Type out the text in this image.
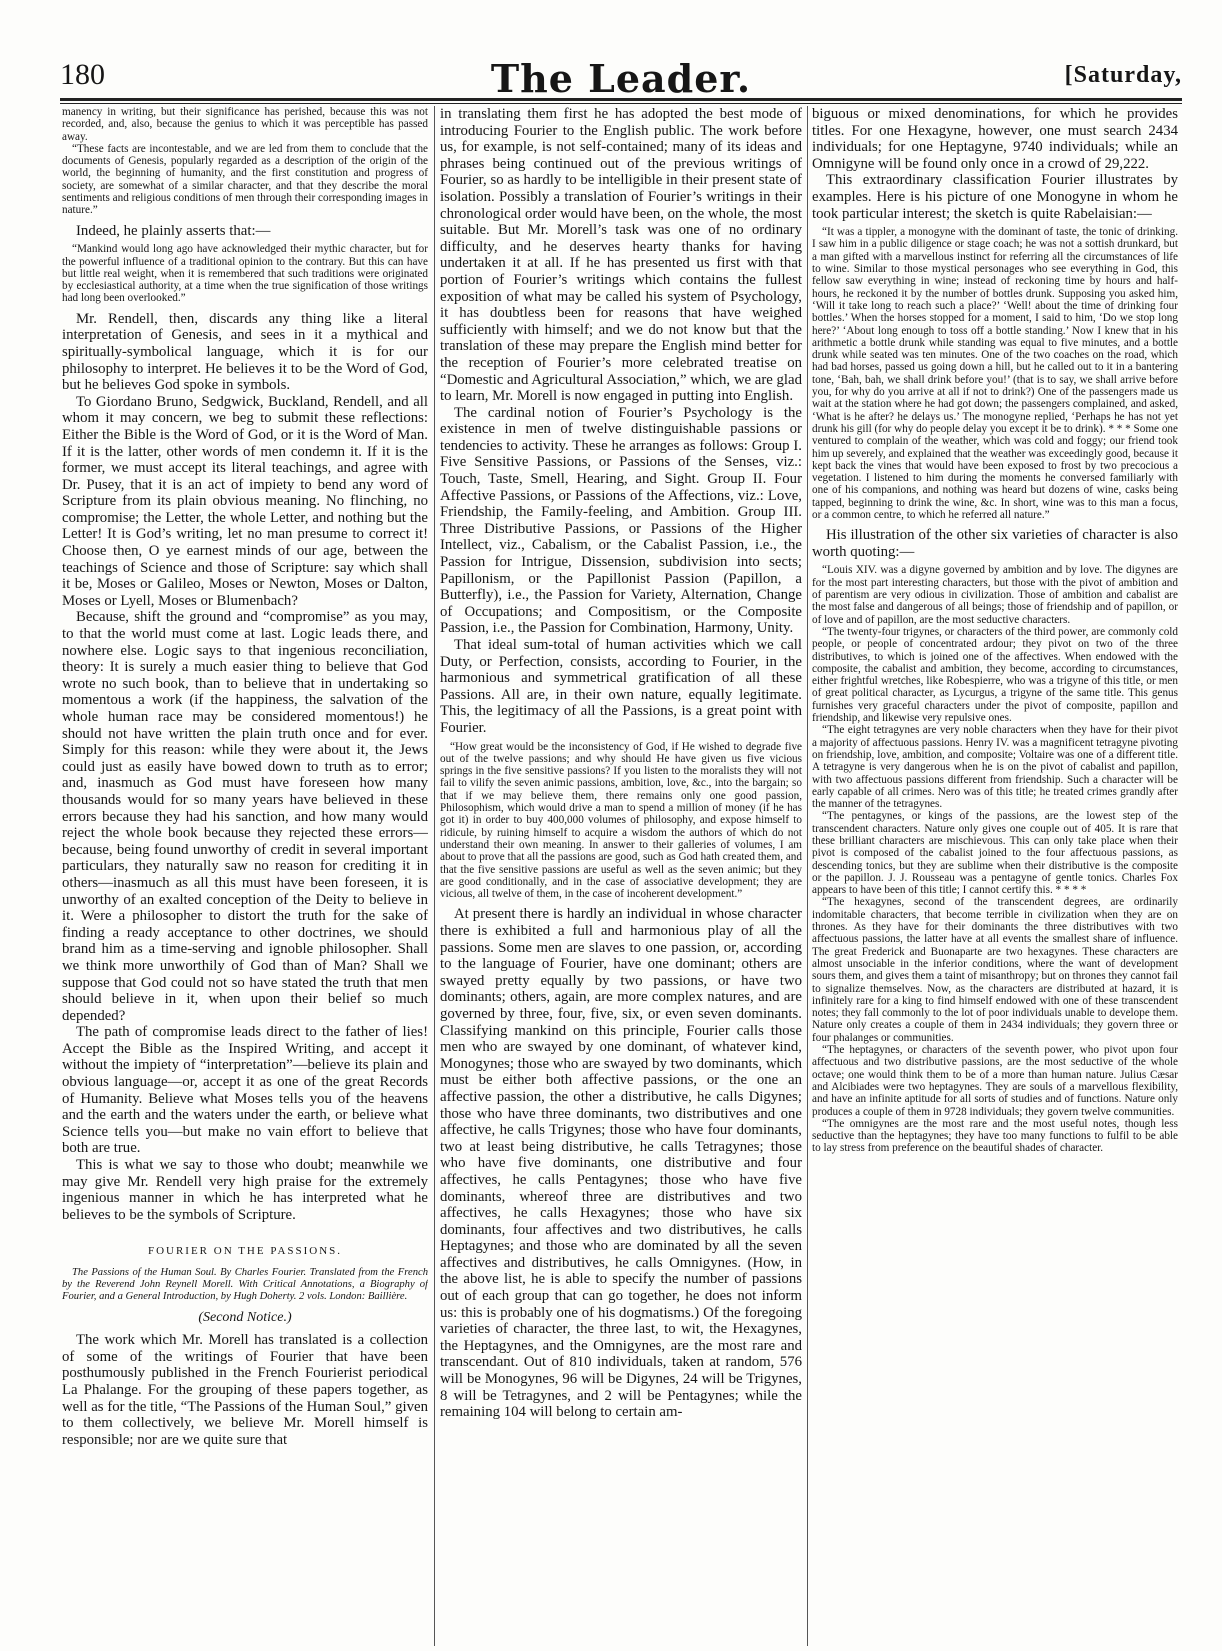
180	The Leader.	[Saturday,

manency in writing, but their significance has perished, because this was not recorded, and, also, because the genius to which it was perceptible has passed away.

“These facts are incontestable, and we are led from them to conclude that the documents of Genesis, popularly regarded as a description of the origin of the world, the beginning of humanity, and the first constitution and progress of society, are somewhat of a similar character, and that they describe the moral sentiments and religious conditions of men through their corresponding images in nature.”

Indeed, he plainly asserts that:—

“Mankind would long ago have acknowledged their mythic character, but for the powerful influence of a traditional opinion to the contrary. But this can have but little real weight, when it is remembered that such traditions were originated by ecclesiastical authority, at a time when the true signification of those writings had long been overlooked.”

Mr. Rendell, then, discards any thing like a literal interpretation of Genesis, and sees in it a mythical and spiritually-symbolical language, which it is for our philosophy to interpret. He believes it to be the Word of God, but he believes God spoke in symbols.

To Giordano Bruno, Sedgwick, Buckland, Rendell, and all whom it may concern, we beg to submit these reflections: Either the Bible is the Word of God, or it is the Word of Man. If it is the latter, other words of men condemn it. If it is the former, we must accept its literal teachings, and agree with Dr. Pusey, that it is an act of impiety to bend any word of Scripture from its plain obvious meaning. No flinching, no compromise; the Letter, the whole Letter, and nothing but the Letter! It is God’s writing, let no man presume to correct it! Choose then, O ye earnest minds of our age, between the teachings of Science and those of Scripture: say which shall it be, Moses or Galileo, Moses or Newton, Moses or Dalton, Moses or Lyell, Moses or Blumenbach?

Because, shift the ground and “compromise” as you may, to that the world must come at last. Logic leads there, and nowhere else. Logic says to that ingenious reconciliation, theory: It is surely a much easier thing to believe that God wrote no such book, than to believe that in undertaking so momentous a work (if the happiness, the salvation of the whole human race may be considered momentous!) he should not have written the plain truth once and for ever. Simply for this reason: while they were about it, the Jews could just as easily have bowed down to truth as to error; and, inasmuch as God must have foreseen how many thousands would for so many years have believed in these errors because they had his sanction, and how many would reject the whole book because they rejected these errors—because, being found unworthy of credit in several important particulars, they naturally saw no reason for crediting it in others—inasmuch as all this must have been foreseen, it is unworthy of an exalted conception of the Deity to believe in it. Were a philosopher to distort the truth for the sake of finding a ready acceptance to other doctrines, we should brand him as a time-serving and ignoble philosopher. Shall we think more unworthily of God than of Man? Shall we suppose that God could not so have stated the truth that men should believe in it, when upon their belief so much depended?

The path of compromise leads direct to the father of lies! Accept the Bible as the Inspired Writing, and accept it without the impiety of “interpretation”—believe its plain and obvious language—or, accept it as one of the great Records of Humanity. Believe what Moses tells you of the heavens and the earth and the waters under the earth, or believe what Science tells you—but make no vain effort to believe that both are true.

This is what we say to those who doubt; meanwhile we may give Mr. Rendell very high praise for the extremely ingenious manner in which he has interpreted what he believes to be the symbols of Scripture.

FOURIER ON THE PASSIONS.

The Passions of the Human Soul. By Charles Fourier. Translated from the French by the Reverend John Reynell Morell. With Critical Annotations, a Biography of Fourier, and a General Introduction, by Hugh Doherty. 2 vols. London: Baillière.

(Second Notice.)

The work which Mr. Morell has translated is a collection of some of the writings of Fourier that have been posthumously published in the French Fourierist periodical La Phalange. For the grouping of these papers together, as well as for the title, “The Passions of the Human Soul,” given to them collectively, we believe Mr. Morell himself is responsible; nor are we quite sure that

in translating them first he has adopted the best mode of introducing Fourier to the English public. The work before us, for example, is not self-contained; many of its ideas and phrases being continued out of the previous writings of Fourier, so as hardly to be intelligible in their present state of isolation. Possibly a translation of Fourier’s writings in their chronological order would have been, on the whole, the most suitable. But Mr. Morell’s task was one of no ordinary difficulty, and he deserves hearty thanks for having undertaken it at all. If he has presented us first with that portion of Fourier’s writings which contains the fullest exposition of what may be called his system of Psychology, it has doubtless been for reasons that have weighed sufficiently with himself; and we do not know but that the translation of these may prepare the English mind better for the reception of Fourier’s more celebrated treatise on “Domestic and Agricultural Association,” which, we are glad to learn, Mr. Morell is now engaged in putting into English.

The cardinal notion of Fourier’s Psychology is the existence in men of twelve distinguishable passions or tendencies to activity. These he arranges as follows: Group I. Five Sensitive Passions, or Passions of the Senses, viz.: Touch, Taste, Smell, Hearing, and Sight. Group II. Four Affective Passions, or Passions of the Affections, viz.: Love, Friendship, the Family-feeling, and Ambition. Group III. Three Distributive Passions, or Passions of the Higher Intellect, viz., Cabalism, or the Cabalist Passion, i.e., the Passion for Intrigue, Dissension, subdivision into sects; Papillonism, or the Papillonist Passion (Papillon, a Butterfly), i.e., the Passion for Variety, Alternation, Change of Occupations; and Compositism, or the Composite Passion, i.e., the Passion for Combination, Harmony, Unity.

That ideal sum-total of human activities which we call Duty, or Perfection, consists, according to Fourier, in the harmonious and symmetrical gratification of all these Passions. All are, in their own nature, equally legitimate. This, the legitimacy of all the Passions, is a great point with Fourier.

“How great would be the inconsistency of God, if He wished to degrade five out of the twelve passions; and why should He have given us five vicious springs in the five sensitive passions? If you listen to the moralists they will not fail to vilify the seven animic passions, ambition, love, &c., into the bargain; so that if we may believe them, there remains only one good passion, Philosophism, which would drive a man to spend a million of money (if he has got it) in order to buy 400,000 volumes of philosophy, and expose himself to ridicule, by ruining himself to acquire a wisdom the authors of which do not understand their own meaning. In answer to their galleries of volumes, I am about to prove that all the passions are good, such as God hath created them, and that the five sensitive passions are useful as well as the seven animic; but they are good conditionally, and in the case of associative development; they are vicious, all twelve of them, in the case of incoherent development.”

At present there is hardly an individual in whose character there is exhibited a full and harmonious play of all the passions. Some men are slaves to one passion, or, according to the language of Fourier, have one dominant; others are swayed pretty equally by two passions, or have two dominants; others, again, are more complex natures, and are governed by three, four, five, six, or even seven dominants. Classifying mankind on this principle, Fourier calls those men who are swayed by one dominant, of whatever kind, Monogynes; those who are swayed by two dominants, which must be either both affective passions, or the one an affective passion, the other a distributive, he calls Digynes; those who have three dominants, two distributives and one affective, he calls Trigynes; those who have four dominants, two at least being distributive, he calls Tetragynes; those who have five dominants, one distributive and four affectives, he calls Pentagynes; those who have five dominants, whereof three are distributives and two affectives, he calls Hexagynes; those who have six dominants, four affectives and two distributives, he calls Heptagynes; and those who are dominated by all the seven affectives and distributives, he calls Omnigynes. (How, in the above list, he is able to specify the number of passions out of each group that can go together, he does not inform us: this is probably one of his dogmatisms.) Of the foregoing varieties of character, the three last, to wit, the Hexagynes, the Heptagynes, and the Omnigynes, are the most rare and transcendant. Out of 810 individuals, taken at random, 576 will be Monogynes, 96 will be Digynes, 24 will be Trigynes, 8 will be Tetragynes, and 2 will be Pentagynes; while the remaining 104 will belong to certain am-

biguous or mixed denominations, for which he provides titles. For one Hexagyne, however, one must search 2434 individuals; for one Heptagyne, 9740 individuals; while an Omnigyne will be found only once in a crowd of 29,222.

This extraordinary classification Fourier illustrates by examples. Here is his picture of one Monogyne in whom he took particular interest; the sketch is quite Rabelaisian:—

“It was a tippler, a monogyne with the dominant of taste, the tonic of drinking. I saw him in a public diligence or stage coach; he was not a sottish drunkard, but a man gifted with a marvellous instinct for referring all the circumstances of life to wine. Similar to those mystical personages who see everything in God, this fellow saw everything in wine; instead of reckoning time by hours and half-hours, he reckoned it by the number of bottles drunk. Supposing you asked him, ‘Will it take long to reach such a place?’ ‘Well! about the time of drinking four bottles.’ When the horses stopped for a moment, I said to him, ‘Do we stop long here?’ ‘About long enough to toss off a bottle standing.’ Now I knew that in his arithmetic a bottle drunk while standing was equal to five minutes, and a bottle drunk while seated was ten minutes. One of the two coaches on the road, which had bad horses, passed us going down a hill, but he called out to it in a bantering tone, ‘Bah, bah, we shall drink before you!’ (that is to say, we shall arrive before you, for why do you arrive at all if not to drink?) One of the passengers made us wait at the station where he had got down; the passengers complained, and asked, ‘What is he after? he delays us.’ The monogyne replied, ‘Perhaps he has not yet drunk his gill (for why do people delay you except it be to drink). * * * Some one ventured to complain of the weather, which was cold and foggy; our friend took him up severely, and explained that the weather was exceedingly good, because it kept back the vines that would have been exposed to frost by two precocious a vegetation. I listened to him during the moments he conversed familiarly with one of his companions, and nothing was heard but dozens of wine, casks being tapped, beginning to drink the wine, &c. In short, wine was to this man a focus, or a common centre, to which he referred all nature.”

His illustration of the other six varieties of character is also worth quoting:—

“Louis XIV. was a digyne governed by ambition and by love. The digynes are for the most part interesting characters, but those with the pivot of ambition and of parentism are very odious in civilization. Those of ambition and cabalist are the most false and dangerous of all beings; those of friendship and of papillon, or of love and of papillon, are the most seductive characters.

“The twenty-four trigynes, or characters of the third power, are commonly cold people, or people of concentrated ardour; they pivot on two of the three distributives, to which is joined one of the affectives. When endowed with the composite, the cabalist and ambition, they become, according to circumstances, either frightful wretches, like Robespierre, who was a trigyne of this title, or men of great political character, as Lycurgus, a trigyne of the same title. This genus furnishes very graceful characters under the pivot of composite, papillon and friendship, and likewise very repulsive ones.

“The eight tetragynes are very noble characters when they have for their pivot a majority of affectuous passions. Henry IV. was a magnificent tetragyne pivoting on friendship, love, ambition, and composite; Voltaire was one of a different title. A tetragyne is very dangerous when he is on the pivot of cabalist and papillon, with two affectuous passions different from friendship. Such a character will be early capable of all crimes. Nero was of this title; he treated crimes grandly after the manner of the tetragynes.

“The pentagynes, or kings of the passions, are the lowest step of the transcendent characters. Nature only gives one couple out of 405. It is rare that these brilliant characters are mischievous. This can only take place when their pivot is composed of the cabalist joined to the four affectuous passions, as descending tonics, but they are sublime when their distributive is the composite or the papillon. J. J. Rousseau was a pentagyne of gentle tonics. Charles Fox appears to have been of this title; I cannot certify this. * * * *

“The hexagynes, second of the transcendent degrees, are ordinarily indomitable characters, that become terrible in civilization when they are on thrones. As they have for their dominants the three distributives with two affectuous passions, the latter have at all events the smallest share of influence. The great Frederick and Buonaparte are two hexagynes. These characters are almost unsociable in the inferior conditions, where the want of development sours them, and gives them a taint of misanthropy; but on thrones they cannot fail to signalize themselves. Now, as the characters are distributed at hazard, it is infinitely rare for a king to find himself endowed with one of these transcendent notes; they fall commonly to the lot of poor individuals unable to develope them. Nature only creates a couple of them in 2434 individuals; they govern three or four phalanges or communities.

“The heptagynes, or characters of the seventh power, who pivot upon four affectuous and two distributive passions, are the most seductive of the whole octave; one would think them to be of a more than human nature. Julius Cæsar and Alcibiades were two heptagynes. They are souls of a marvellous flexibility, and have an infinite aptitude for all sorts of studies and of functions. Nature only produces a couple of them in 9728 individuals; they govern twelve communities.

“The omnigynes are the most rare and the most useful notes, though less seductive than the heptagynes; they have too many functions to fulfil to be able to lay stress from preference on the beautiful shades of character.
